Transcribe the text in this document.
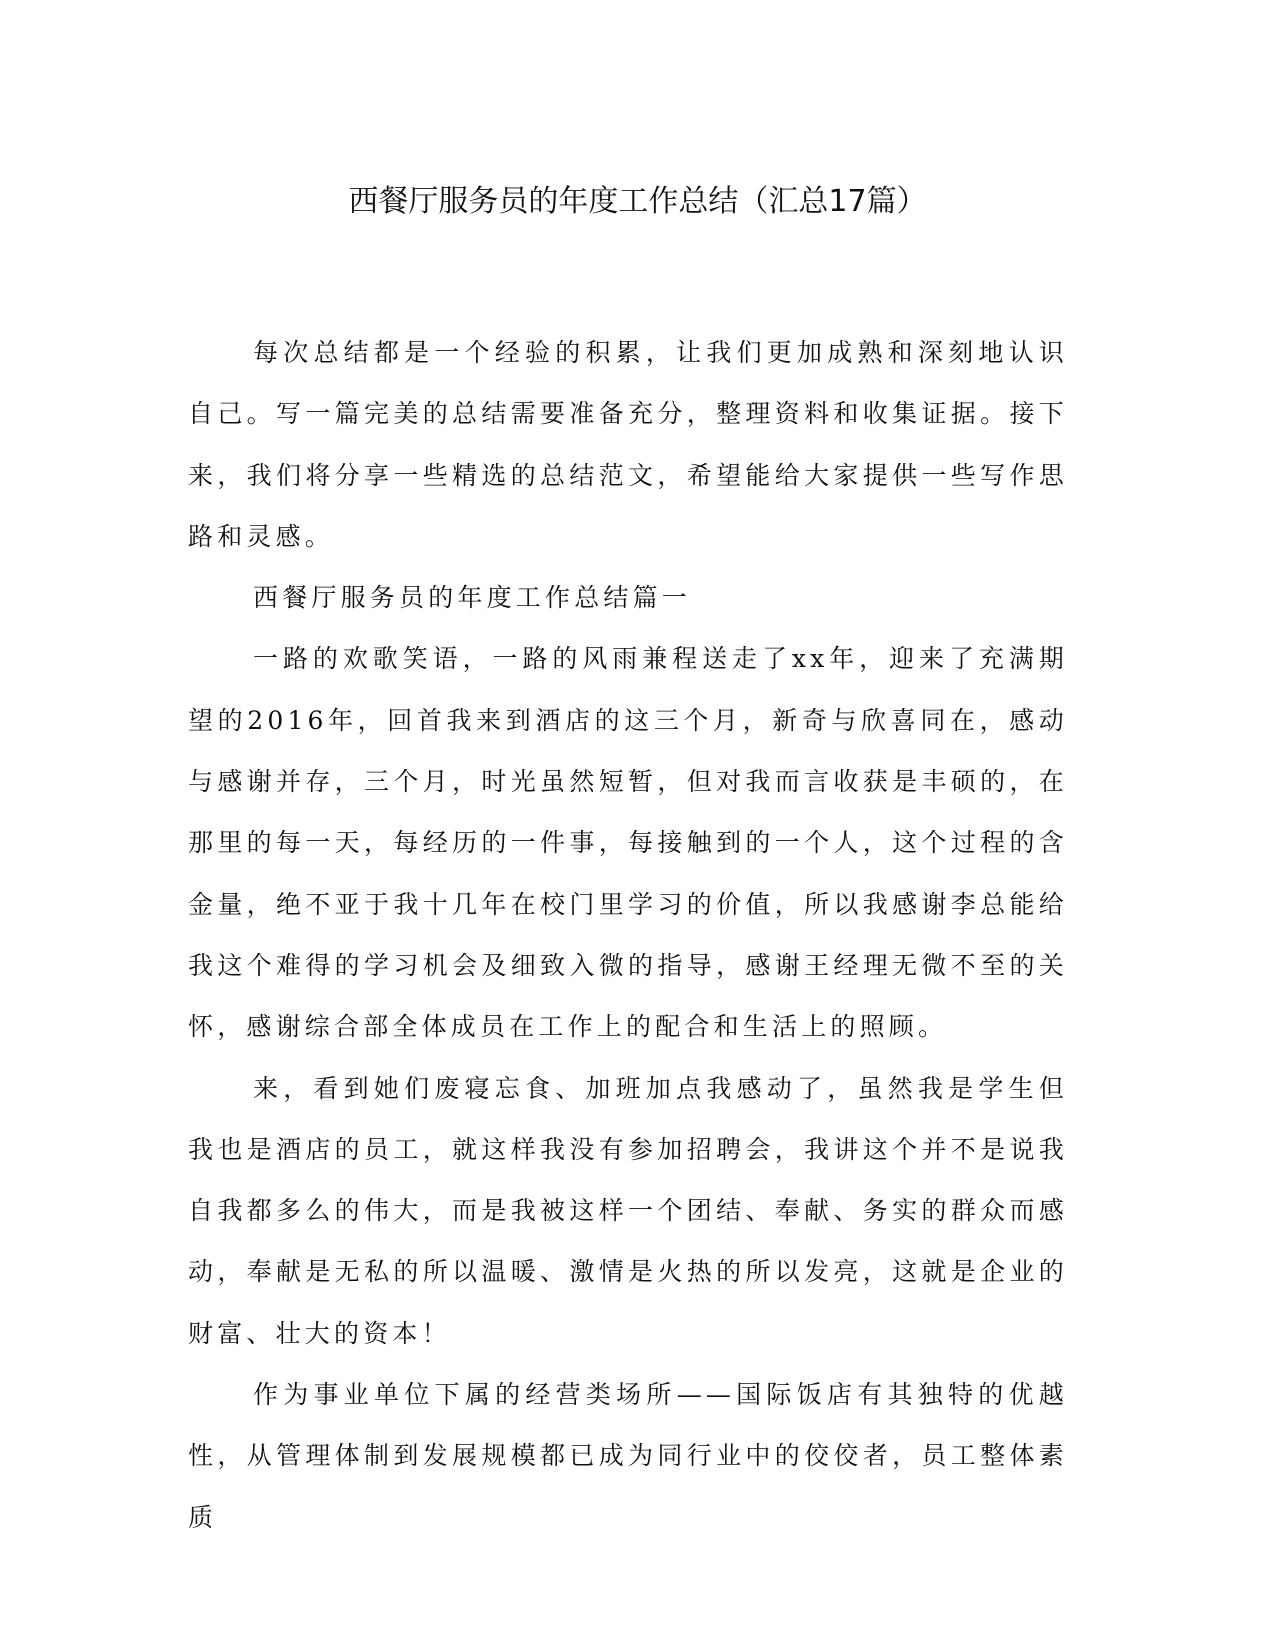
西餐厅服务员的年度工作总结（汇总17篇）

每次总结都是一个经验的积累，让我们更加成熟和深刻地认识自己。写一篇完美的总结需要准备充分，整理资料和收集证据。接下来，我们将分享一些精选的总结范文，希望能给大家提供一些写作思路和灵感。

西餐厅服务员的年度工作总结篇一

一路的欢歌笑语，一路的风雨兼程送走了xx年，迎来了充满期望的2016年，回首我来到酒店的这三个月，新奇与欣喜同在，感动与感谢并存，三个月，时光虽然短暂，但对我而言收获是丰硕的，在那里的每一天，每经历的一件事，每接触到的一个人，这个过程的含金量，绝不亚于我十几年在校门里学习的价值，所以我感谢李总能给我这个难得的学习机会及细致入微的指导，感谢王经理无微不至的关怀，感谢综合部全体成员在工作上的配合和生活上的照顾。

来，看到她们废寝忘食、加班加点我感动了，虽然我是学生但我也是酒店的员工，就这样我没有参加招聘会，我讲这个并不是说我自我都多么的伟大，而是我被这样一个团结、奉献、务实的群众而感动，奉献是无私的所以温暖、激情是火热的所以发亮，这就是企业的财富、壮大的资本！

作为事业单位下属的经营类场所——国际饭店有其独特的优越性，从管理体制到发展规模都已成为同行业中的佼佼者，员工整体素质
